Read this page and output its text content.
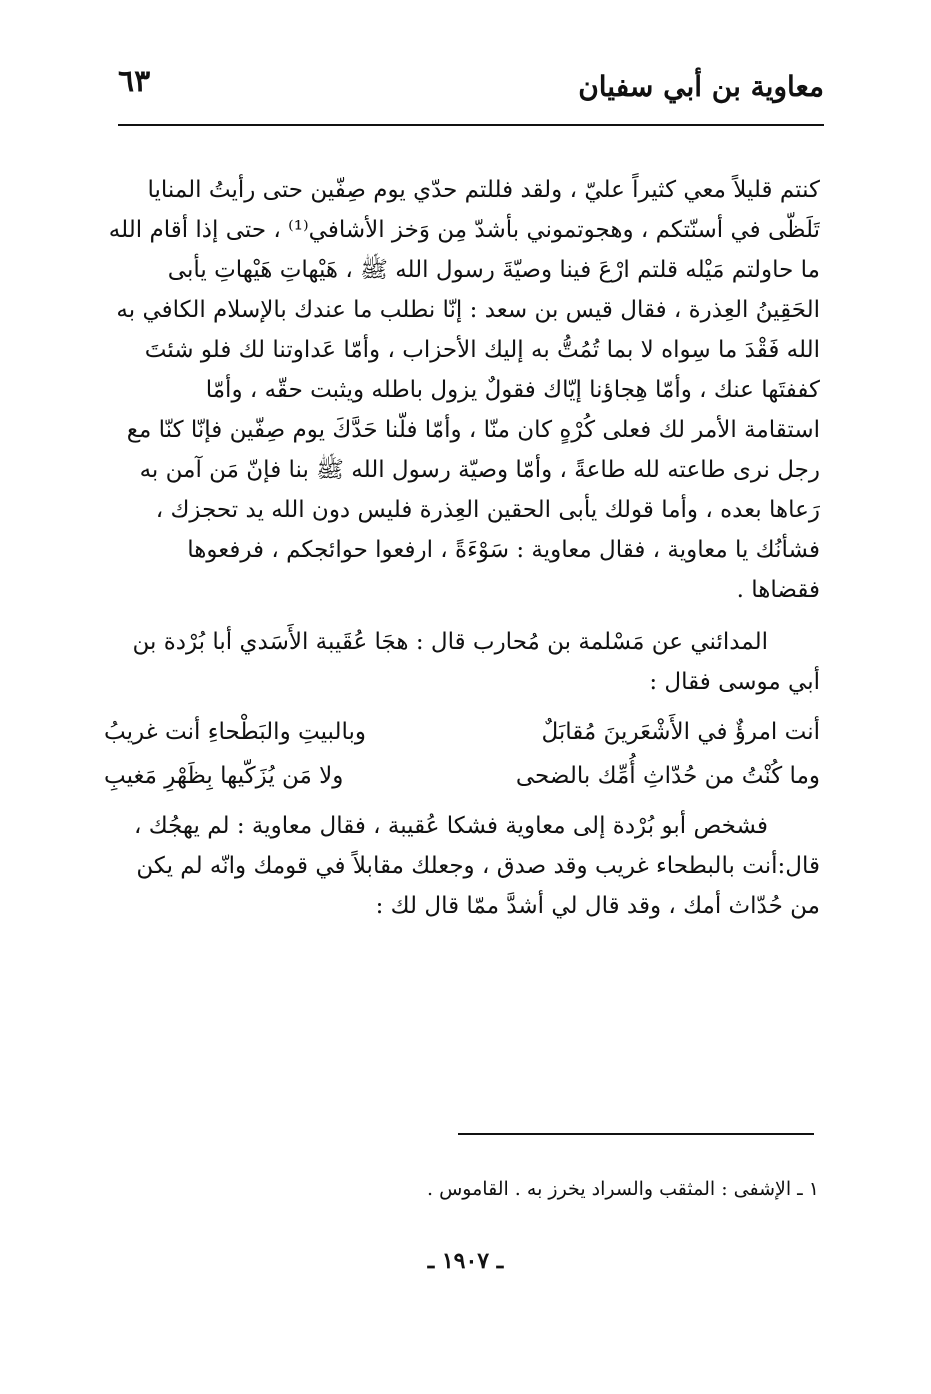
معاوية بن أبي سفيان
٦٣
كنتم قليلاً معي كثيراً عليّ ، ولقد فللتم حدّي يوم صِفّين حتى رأيتُ المنايا
تَلَظّى في أسنّتكم ، وهجوتموني بأشدّ مِن وَخز الأشافي⁽¹⁾ ، حتى إذا أقام الله
ما حاولتم مَيْله قلتم ارْعَ فينا وصيّةَ رسول الله ﷺ ، هَيْهاتِ هَيْهاتِ يأبى
الحَقِينُ العِذرة ، فقال قيس بن سعد : إنّا نطلب ما عندك بالإسلام الكافي به
الله فَقْدَ ما سِواه لا بما تُمُتُّ به إليك الأحزاب ، وأمّا عَداوتنا لك فلو شئتَ
كففتَها عنك ، وأمّا هِجاؤنا إيّاك فقولٌ يزول باطله ويثبت حقّه ، وأمّا
استقامة الأمر لك فعلى كُرْهٍ كان منّا ، وأمّا فلّنا حَدَّكَ يوم صِفّين فإنّا كنّا مع
رجل نرى طاعته لله طاعةً ، وأمّا وصيّة رسول الله ﷺ بنا فإنّ مَن آمن به
رَعاها بعده ، وأما قولك يأبى الحقين العِذرة فليس دون الله يد تحجزك ،
فشأنُك يا معاوية ، فقال معاوية : سَوْءَةً ، ارفعوا حوائجكم ، فرفعوها
فقضاها .
المدائني عن مَسْلمة بن مُحارب قال : هجَا عُقَيبة الأَسَدي أبا بُرْدة بن
أبي موسى فقال :
أنت امرؤٌ في الأَشْعَرينَ مُقابَلٌ
وبالبيتِ والبَطْحاءِ أنت غريبُ
وما كُنْتُ من حُدّاثِ أُمِّك بالضحى
ولا مَن يُزَكّيها بِظَهْرِ مَغيبِ
فشخص أبو بُرْدة إلى معاوية فشكا عُقيبة ، فقال معاوية : لم يهجُك ،
قال:أنت بالبطحاء غريب وقد صدق ، وجعلك مقابلاً في قومك وانّه لم يكن
من حُدّاث أمك ، وقد قال لي أشدَّ ممّا قال لك :
١ ـ الإشفى : المثقب والسراد يخرز به . القاموس .
ـ ١٩٠٧ ـ
